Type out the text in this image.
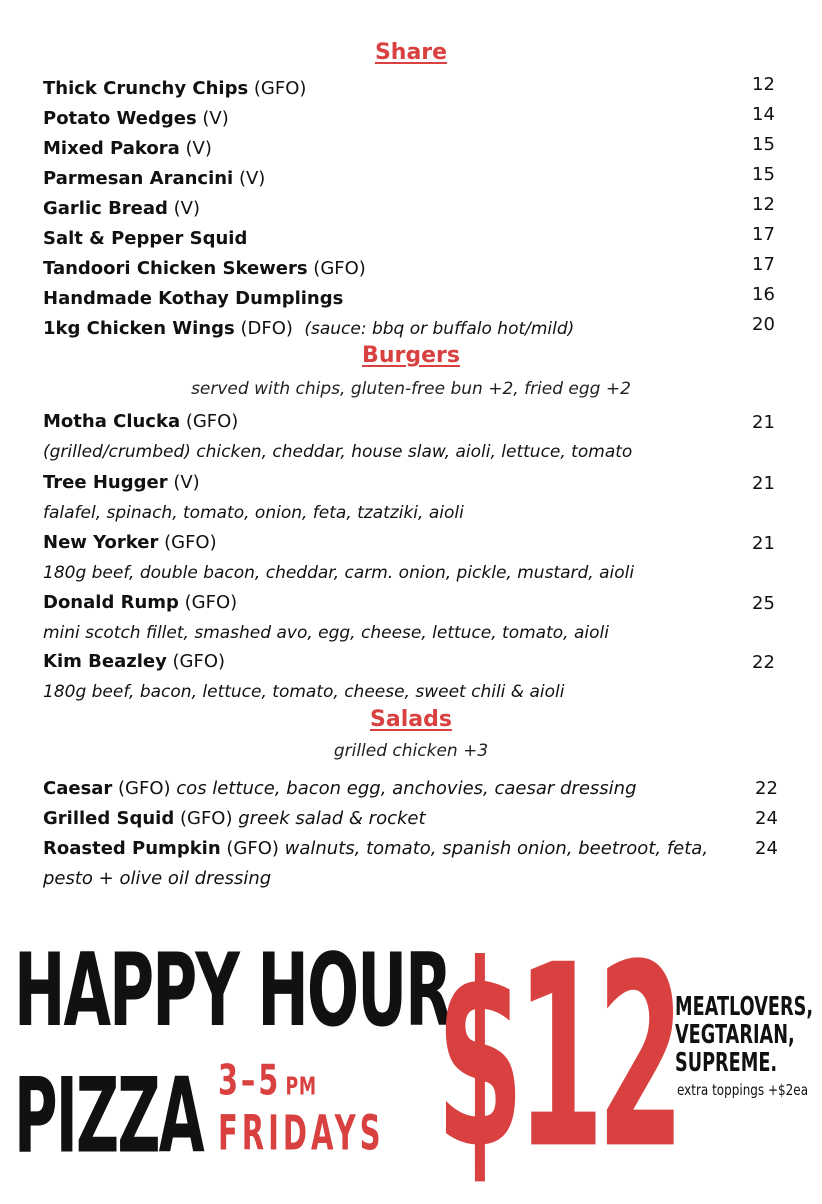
Share
Thick Crunchy Chips (GFO)	12
Potato Wedges (V)	14
Mixed Pakora (V)	15
Parmesan Arancini (V)	15
Garlic Bread (V)	12
Salt & Pepper Squid	17
Tandoori Chicken Skewers (GFO)	17
Handmade Kothay Dumplings	16
1kg Chicken Wings (DFO)  (sauce: bbq or buffalo hot/mild)	20
Burgers
served with chips, gluten-free bun +2, fried egg +2
Motha Clucka (GFO)	21
(grilled/crumbed) chicken, cheddar, house slaw, aioli, lettuce, tomato
Tree Hugger (V)	21
falafel, spinach, tomato, onion, feta, tzatziki, aioli
New Yorker (GFO)	21
180g beef, double bacon, cheddar, carm. onion, pickle, mustard, aioli
Donald Rump (GFO)	25
mini scotch fillet, smashed avo, egg, cheese, lettuce, tomato, aioli
Kim Beazley (GFO)	22
180g beef, bacon, lettuce, tomato, cheese, sweet chili & aioli
Salads
grilled chicken +3
Caesar (GFO) cos lettuce, bacon egg, anchovies, caesar dressing	22
Grilled Squid (GFO) greek salad & rocket	24
Roasted Pumpkin (GFO) walnuts, tomato, spanish onion, beetroot, feta,	24
pesto + olive oil dressing
HAPPY HOUR
PIZZA 3–5 PM
FRIDAYS $12
MEATLOVERS,
VEGTARIAN,
SUPREME.
extra toppings +$2ea
